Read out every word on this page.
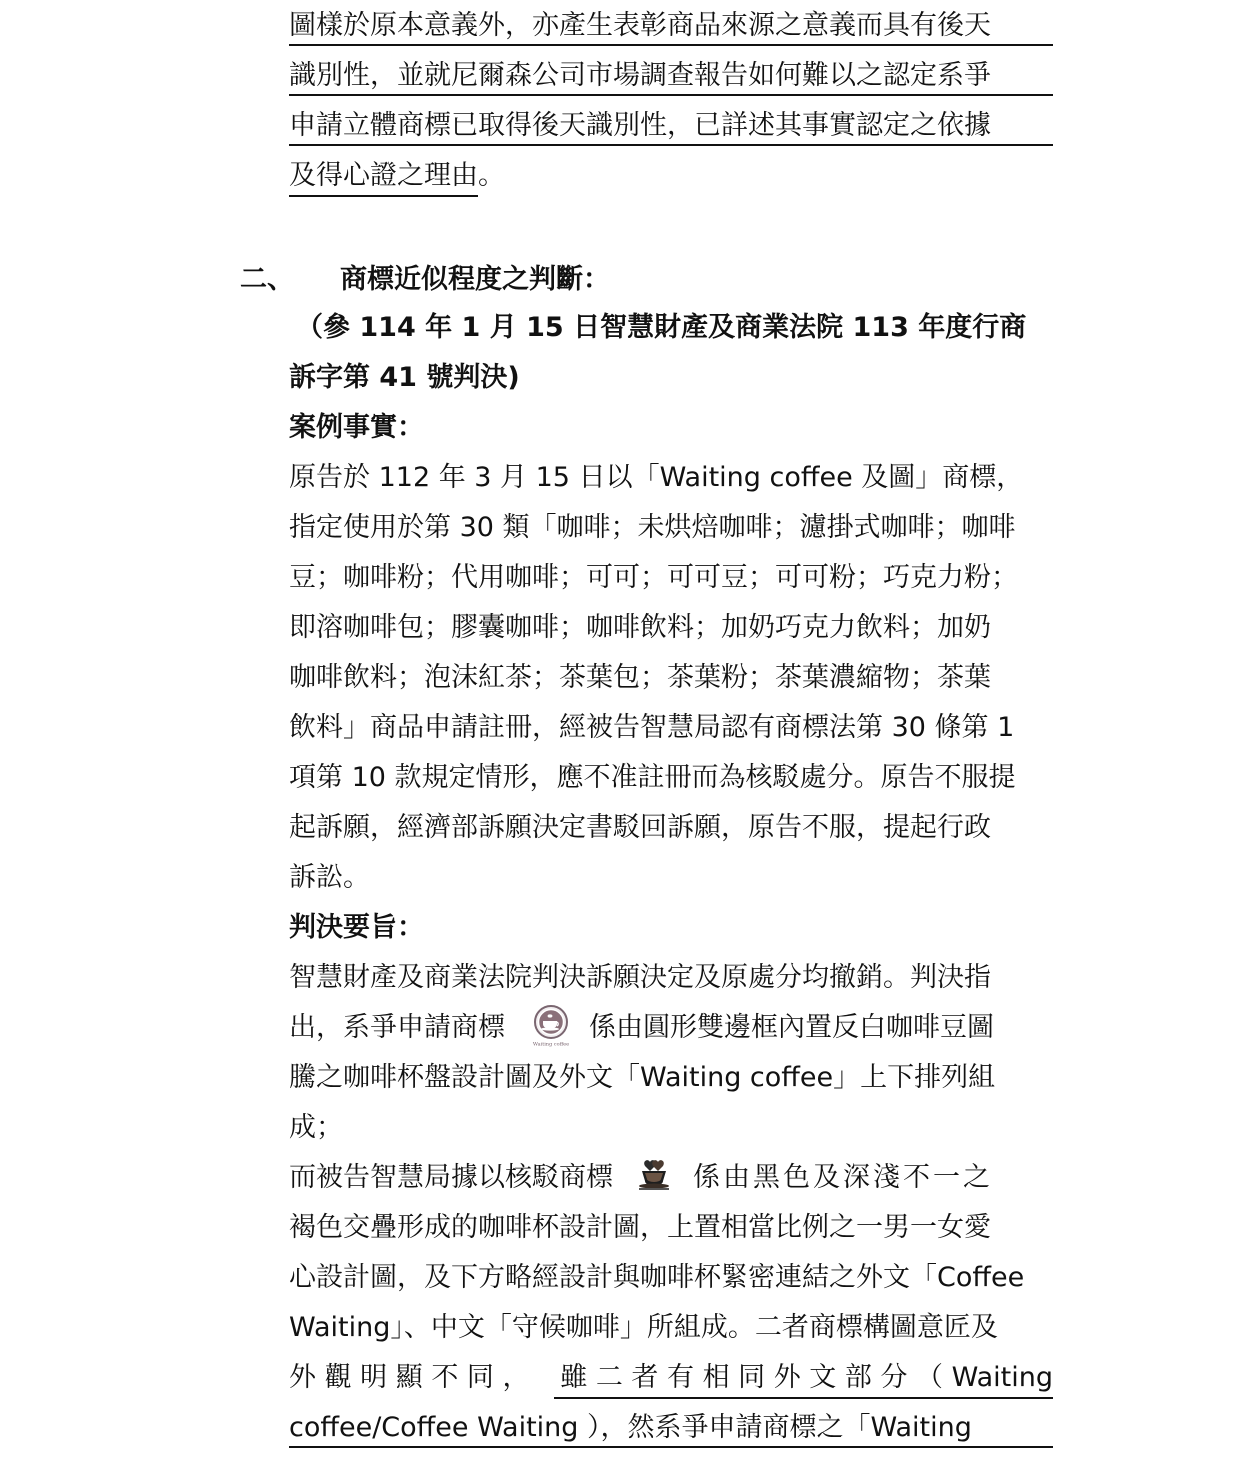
圖樣於原本意義外，亦產生表彰商品來源之意義而具有後天
識別性，並就尼爾森公司市場調查報告如何難以之認定系爭
申請立體商標已取得後天識別性，已詳述其事實認定之依據
及得心證之理由 。
二、 商標近似程度之判斷：
（參 114 年 1 月 15 日智慧財產及商業法院 113 年度行商
訴字第 41 號判決)
案例事實：
原告於 112 年 3 月 15 日以「Waiting coffee 及圖」商標，
指定使用於第 30 類「咖啡；未烘焙咖啡；濾掛式咖啡；咖啡
豆；咖啡粉；代用咖啡；可可；可可豆；可可粉；巧克力粉；
即溶咖啡包；膠囊咖啡；咖啡飲料；加奶巧克力飲料；加奶
咖啡飲料；泡沫紅茶；茶葉包；茶葉粉；茶葉濃縮物；茶葉
飲料」商品申請註冊，經被告智慧局認有商標法第 30 條第 1
項第 10 款規定情形，應不准註冊而為核駁處分。原告不服提
起訴願，經濟部訴願決定書駁回訴願，原告不服，提起行政
訴訟。
判決要旨：
智慧財產及商業法院判決訴願決定及原處分均撤銷。判決指
出，系爭申請商標
Waiting coffee
係由圓形雙邊框內置反白咖啡豆圖
騰之咖啡杯盤設計圖及外文「Waiting coffee」上下排列組
成；
而被告智慧局據以核駁商標	係由黑色及深淺不一之
褐色交疊形成的咖啡杯設計圖，上置相當比例之一男一女愛
心設計圖，及下方略經設計與咖啡杯緊密連結之外文「Coffee
Waiting」、中文「守候咖啡」所組成。二者商標構圖意匠及
外 觀 明 顯 不 同 ， 雖 二 者 有 相 同 外 文 部 分 （ Waiting
coffee/Coffee Waiting ），然系爭申請商標之「Waiting
